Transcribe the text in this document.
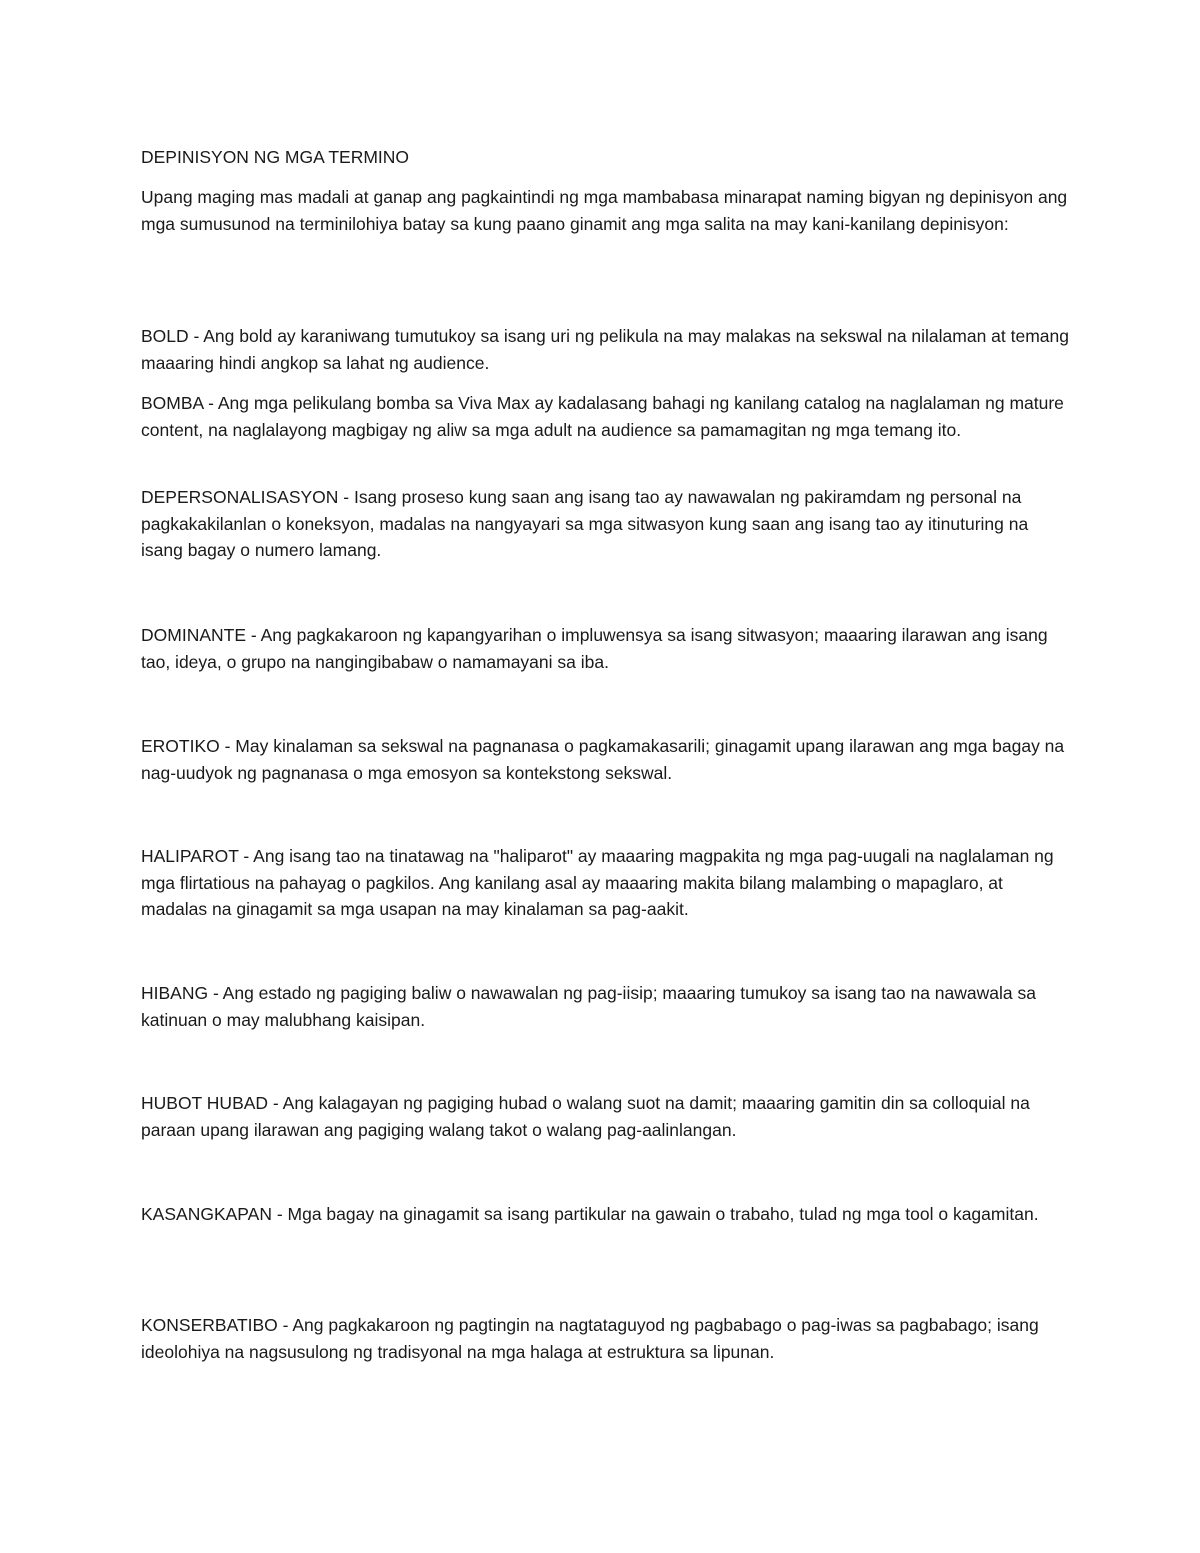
DEPINISYON NG MGA TERMINO

Upang maging mas madali at ganap ang pagkaintindi ng mga mambabasa minarapat naming bigyan ng depinisyon ang mga sumusunod na terminilohiya batay sa kung paano ginamit ang mga salita na may kani-kanilang depinisyon:

BOLD - Ang bold ay karaniwang tumutukoy sa isang uri ng pelikula na may malakas na sekswal na nilalaman at temang maaaring hindi angkop sa lahat ng audience.

BOMBA - Ang mga pelikulang bomba sa Viva Max ay kadalasang bahagi ng kanilang catalog na naglalaman ng mature content, na naglalayong magbigay ng aliw sa mga adult na audience sa pamamagitan ng mga temang ito.

DEPERSONALISASYON - Isang proseso kung saan ang isang tao ay nawawalan ng pakiramdam ng personal na pagkakakilanlan o koneksyon, madalas na nangyayari sa mga sitwasyon kung saan ang isang tao ay itinuturing na isang bagay o numero lamang.

DOMINANTE - Ang pagkakaroon ng kapangyarihan o impluwensya sa isang sitwasyon; maaaring ilarawan ang isang tao, ideya, o grupo na nangingibabaw o namamayani sa iba.

EROTIKO - May kinalaman sa sekswal na pagnanasa o pagkamakasarili; ginagamit upang ilarawan ang mga bagay na nag-uudyok ng pagnanasa o mga emosyon sa kontekstong sekswal.

HALIPAROT - Ang isang tao na tinatawag na "haliparot" ay maaaring magpakita ng mga pag-uugali na naglalaman ng mga flirtatious na pahayag o pagkilos. Ang kanilang asal ay maaaring makita bilang malambing o mapaglaro, at madalas na ginagamit sa mga usapan na may kinalaman sa pag-aakit.

HIBANG - Ang estado ng pagiging baliw o nawawalan ng pag-iisip; maaaring tumukoy sa isang tao na nawawala sa katinuan o may malubhang kaisipan.

HUBOT HUBAD - Ang kalagayan ng pagiging hubad o walang suot na damit; maaaring gamitin din sa colloquial na paraan upang ilarawan ang pagiging walang takot o walang pag-aalinlangan.

KASANGKAPAN - Mga bagay na ginagamit sa isang partikular na gawain o trabaho, tulad ng mga tool o kagamitan.

KONSERBATIBO - Ang pagkakaroon ng pagtingin na nagtataguyod ng pagbabago o pag-iwas sa pagbabago; isang ideolohiya na nagsusulong ng tradisyonal na mga halaga at estruktura sa lipunan.
